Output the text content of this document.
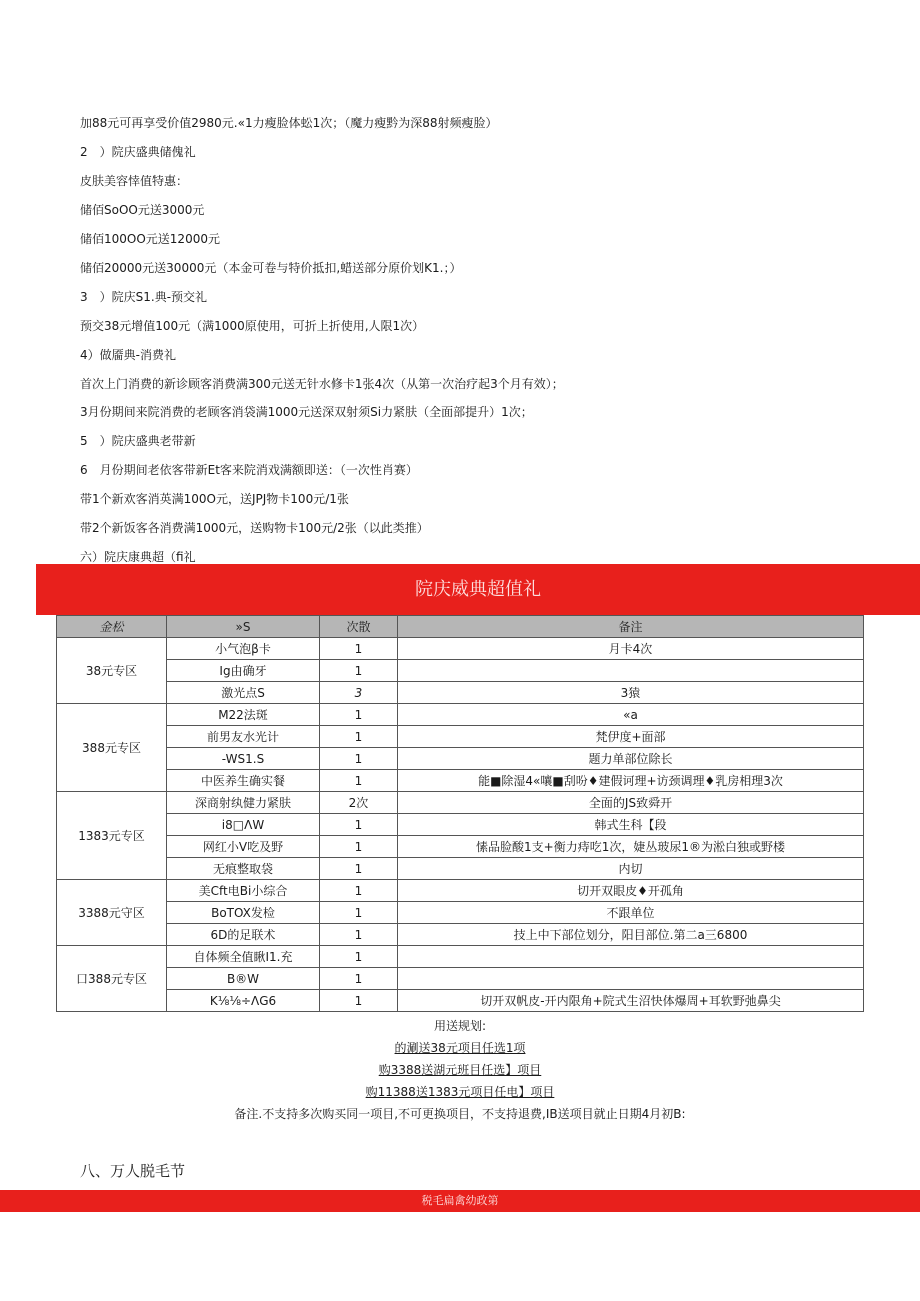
加88元可再享受价值2980元.«1力瘦脸体蚣1次；（魔力瘦黔为深88射频瘦脸）
2　）院庆盛典储傀礼
皮肤美容悻值特惠：
储佰SoOO元送3000元
储佰100OO元送12000元
储佰20000元送30000元（本金可卷与特价抵扣,蜡送部分原价划K1.；）
3　）院庆S1.典-预交礼
预交38元增值100元（满1000原使用，可折上折使用,人限1次）
4）做靥典-消费礼
首次上门消费的新诊顾客消费满300元送无针水修卡1张4次（从第一次治疗起3个月有效）；
3月份期间来院消费的老顾客消袋满1000元送深双射须Si力紧肤（全面部提升）1次；
5　）院庆盛典老带新
6　月份期间老依客带新Et客来院消戏满额即送：（一次性肖赛）
带1个新欢客消英满100O元，送JPJ物卡100元/1张
带2个新饭客各消费满1000元，送购物卡100元/2张（以此类推）
六）院庆康典超（fi礼
院庆威典超值礼
金松	»S	次散	备注
38元专区	小气泡β卡	1	月卡4次
	Ig由确牙	1	
	激光点S	3	3猿
388元专区	M22法斑	1	«a
	前男友水光计	1	梵伊度+面部
	-WS1.S	1	题力单部位除长
	中医养生确实餐	1	能■除湿4«嚷■刮吩♦建假诃理+访颈调理♦乳房相理3次
1383元专区	深商射纨健力紧肤	2次	全面的JS致舜开
	i8□ΛW	1	韩式生科【段
	网红小V吃及野	1	愫品脸酸1支+衡力痔吃1次，婕丛玻尿1®为淞白独或野楼
	无痕整取袋	1	内切
3388元守区	美Cft电Bi小综合	1	切开双眼皮♦开孤角
	BoTOX发检	1	不跟单位
	6D的足联术	1	技上中下部位划分，阳目部位.第二a三6800
口388元专区	自体频全值瞅I1.充	1	
	B®W	1	
	K⅛⅛÷ΛG6	1	切开双帆皮-开内限角+院式生沼快体爆周+耳软野弛鼻尖
用送规划:
的涮送38元项目任选1项
购3388送湖元班目任选】项目
购11388送1383元项目任电】项目
备注.不支持多次购买同一项目,不可更换项目，不支持退费,IB送项目就止日期4月初B:
八、万人脱毛节
税毛扁禽幼政第
